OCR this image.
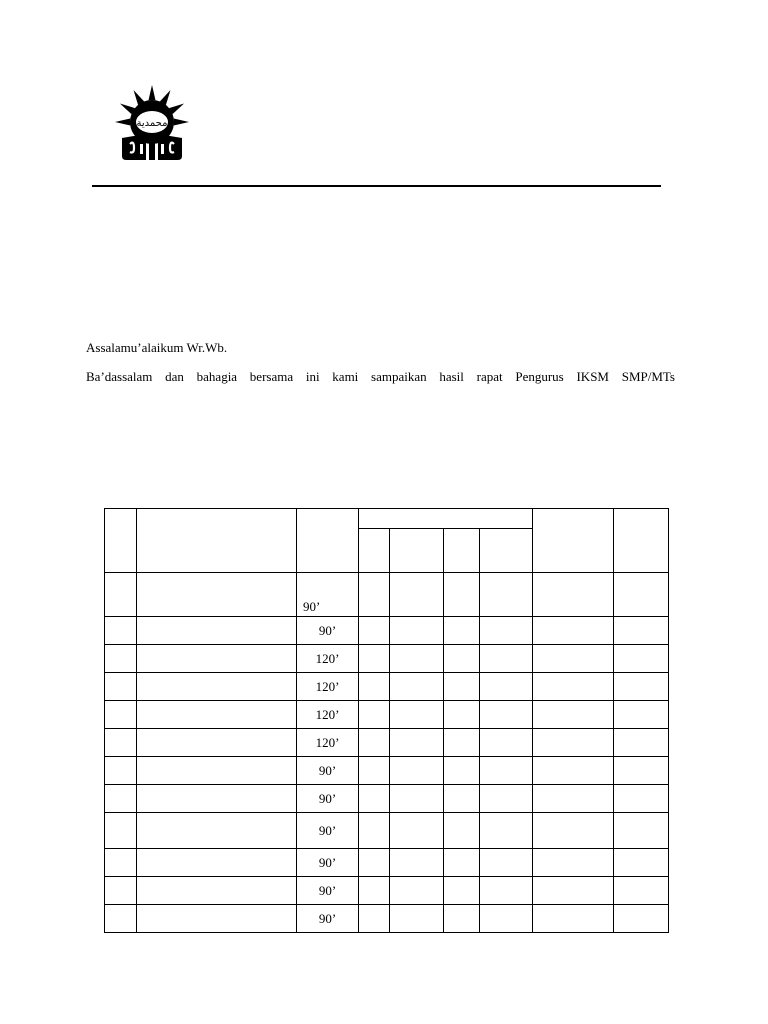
محمدية
Assalamu’alaikum Wr.Wb.
Ba’dassalam dan bahagia bersama ini kami sampaikan hasil rapat Pengurus IKSM SMP/MTs

		90’						
		90’						
		120’						
		120’						
		120’						
		120’						
		90’						
		90’						
		90’						
		90’						
		90’						
		90’						
